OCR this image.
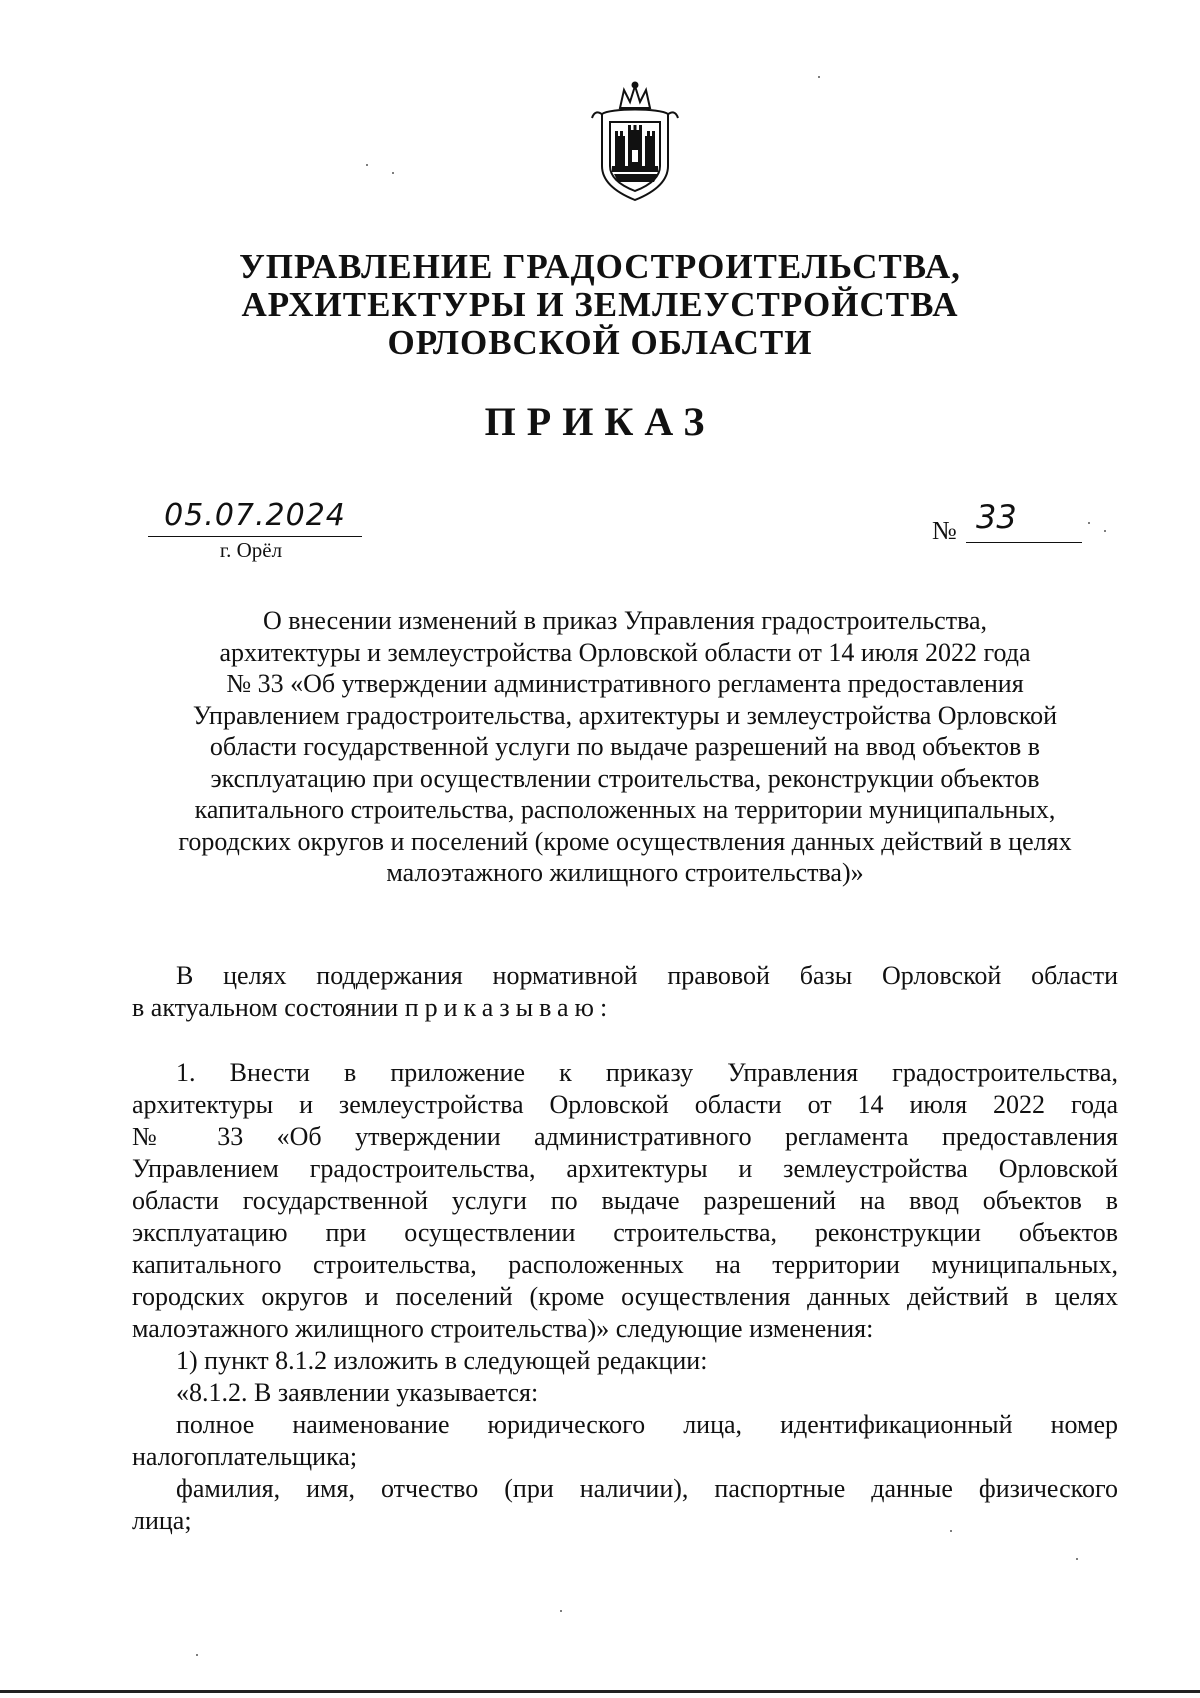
УПРАВЛЕНИЕ ГРАДОСТРОИТЕЛЬСТВА,
АРХИТЕКТУРЫ И ЗЕМЛЕУСТРОЙСТВА
ОРЛОВСКОЙ ОБЛАСТИ
ПРИКАЗ
05.07.2024
г. Орёл
№ 33
О внесении изменений в приказ Управления градостроительства,
архитектуры и землеустройства Орловской области от 14 июля 2022 года
№ 33 «Об утверждении административного регламента предоставления
Управлением градостроительства, архитектуры и землеустройства Орловской
области государственной услуги по выдаче разрешений на ввод объектов в
эксплуатацию при осуществлении строительства, реконструкции объектов
капитального строительства, расположенных на территории муниципальных,
городских округов и поселений (кроме осуществления данных действий в целях
малоэтажного жилищного строительства)»
В целях поддержания нормативной правовой базы Орловской области
в актуальном состоянии приказываю:
1. Внести в приложение к приказу Управления градостроительства,
архитектуры и землеустройства Орловской области от 14 июля 2022 года
№ 33 «Об утверждении административного регламента предоставления
Управлением градостроительства, архитектуры и землеустройства Орловской
области государственной услуги по выдаче разрешений на ввод объектов в
эксплуатацию при осуществлении строительства, реконструкции объектов
капитального строительства, расположенных на территории муниципальных,
городских округов и поселений (кроме осуществления данных действий в целях
малоэтажного жилищного строительства)» следующие изменения:
1) пункт 8.1.2 изложить в следующей редакции:
«8.1.2. В заявлении указывается:
полное наименование юридического лица, идентификационный номер
налогоплательщика;
фамилия, имя, отчество (при наличии), паспортные данные физического
лица;
